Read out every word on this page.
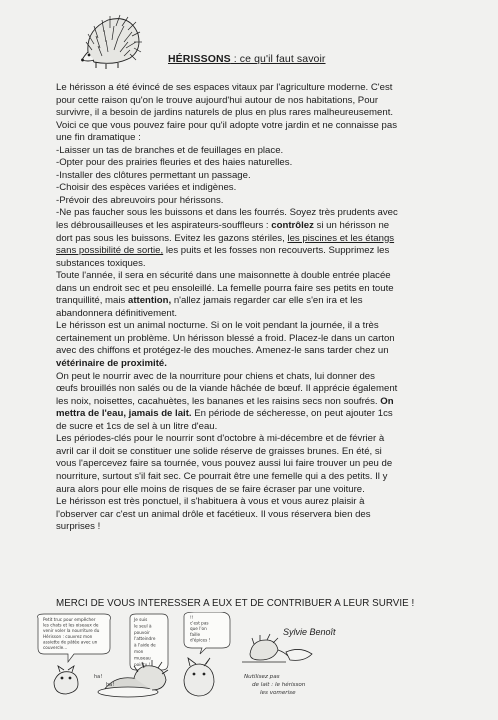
HÉRISSONS : ce qu'il faut savoir
Le hérisson a été évincé de ses espaces vitaux par l'agriculture moderne. C'est
pour cette raison qu'on le trouve aujourd'hui autour de nos habitations, Pour
survivre, il a besoin de jardins naturels de plus en plus rares malheureusement.
Voici ce que vous pouvez faire pour qu'il adopte votre jardin et ne connaisse pas
une fin dramatique :
-Laisser un tas de branches et de feuillages en place.
-Opter pour des prairies fleuries et des haies naturelles.
-Installer des clôtures permettant un passage.
-Choisir des espèces variées et indigènes.
-Prévoir des abreuvoirs pour hérissons.
-Ne pas faucher sous les buissons et dans les fourrés. Soyez très prudents avec
les débrousailleuses et les aspirateurs-souffleurs : contrôlez si un hérisson ne
dort pas sous les buissons. Evitez les gazons stériles, les piscines et les étangs
sans possibilité de sortie, les puits et les fosses non recouverts. Supprimez les
substances toxiques.
Toute l'année, il sera en sécurité dans une maisonnette à double entrée placée
dans un endroit sec et peu ensoleillé. La femelle pourra faire ses petits en toute
tranquillité, mais attention, n'allez jamais regarder car elle s'en ira et les
abandonnera définitivement.
Le hérisson est un animal nocturne. Si on le voit pendant la journée, il a très
certainement un problème. Un hérisson blessé a froid. Placez-le dans un carton
avec des chiffons et protégez-le des mouches. Amenez-le sans tarder chez un
vétérinaire de proximité.
On peut le nourrir avec de la nourriture pour chiens et chats, lui donner des
œufs brouillés non salés ou de la viande hâchée de bœuf. Il apprécie également
les noix, noisettes, cacahuètes, les bananes et les raisins secs non soufrés. On
mettra de l'eau, jamais de lait. En période de sécheresse, on peut ajouter 1cs
de sucre et 1cs de sel à un litre d'eau.
Les périodes-clés pour le nourrir sont d'octobre à mi-décembre et de février à
avril car il doit se constituer une solide réserve de graisses brunes. En été, si
vous l'apercevez faire sa tournée, vous pouvez aussi lui faire trouver un peu de
nourriture, surtout s'il fait sec. Ce pourrait être une femelle qui a des petits. Il y
aura alors pour elle moins de risques de se faire écraser par une voiture.
Le hérisson est très ponctuel, il s'habituera à vous et vous aurez plaisir à
l'observer car c'est un animal drôle et facétieux. Il vous réservera bien des
surprises !
MERCI DE VOUS INTERESSER A EUX ET DE CONTRIBUER A LEUR SURVIE !
Petit truc pour empêcher
les chats et les oiseaux de
venir voler la nourriture du
Hérisson : couvrez mon
assiette de pâtée avec un
couvercle...
Je suis
le seul à
pouvoir
l'atteindre
à l'aide de
mon
museau
pointu !
!!
c'est pas
que l'on
faille
d'épices !
ha!
ha!
Sylvie Benoît
Nutilisez pas de lait : le hérisson les vomerise
